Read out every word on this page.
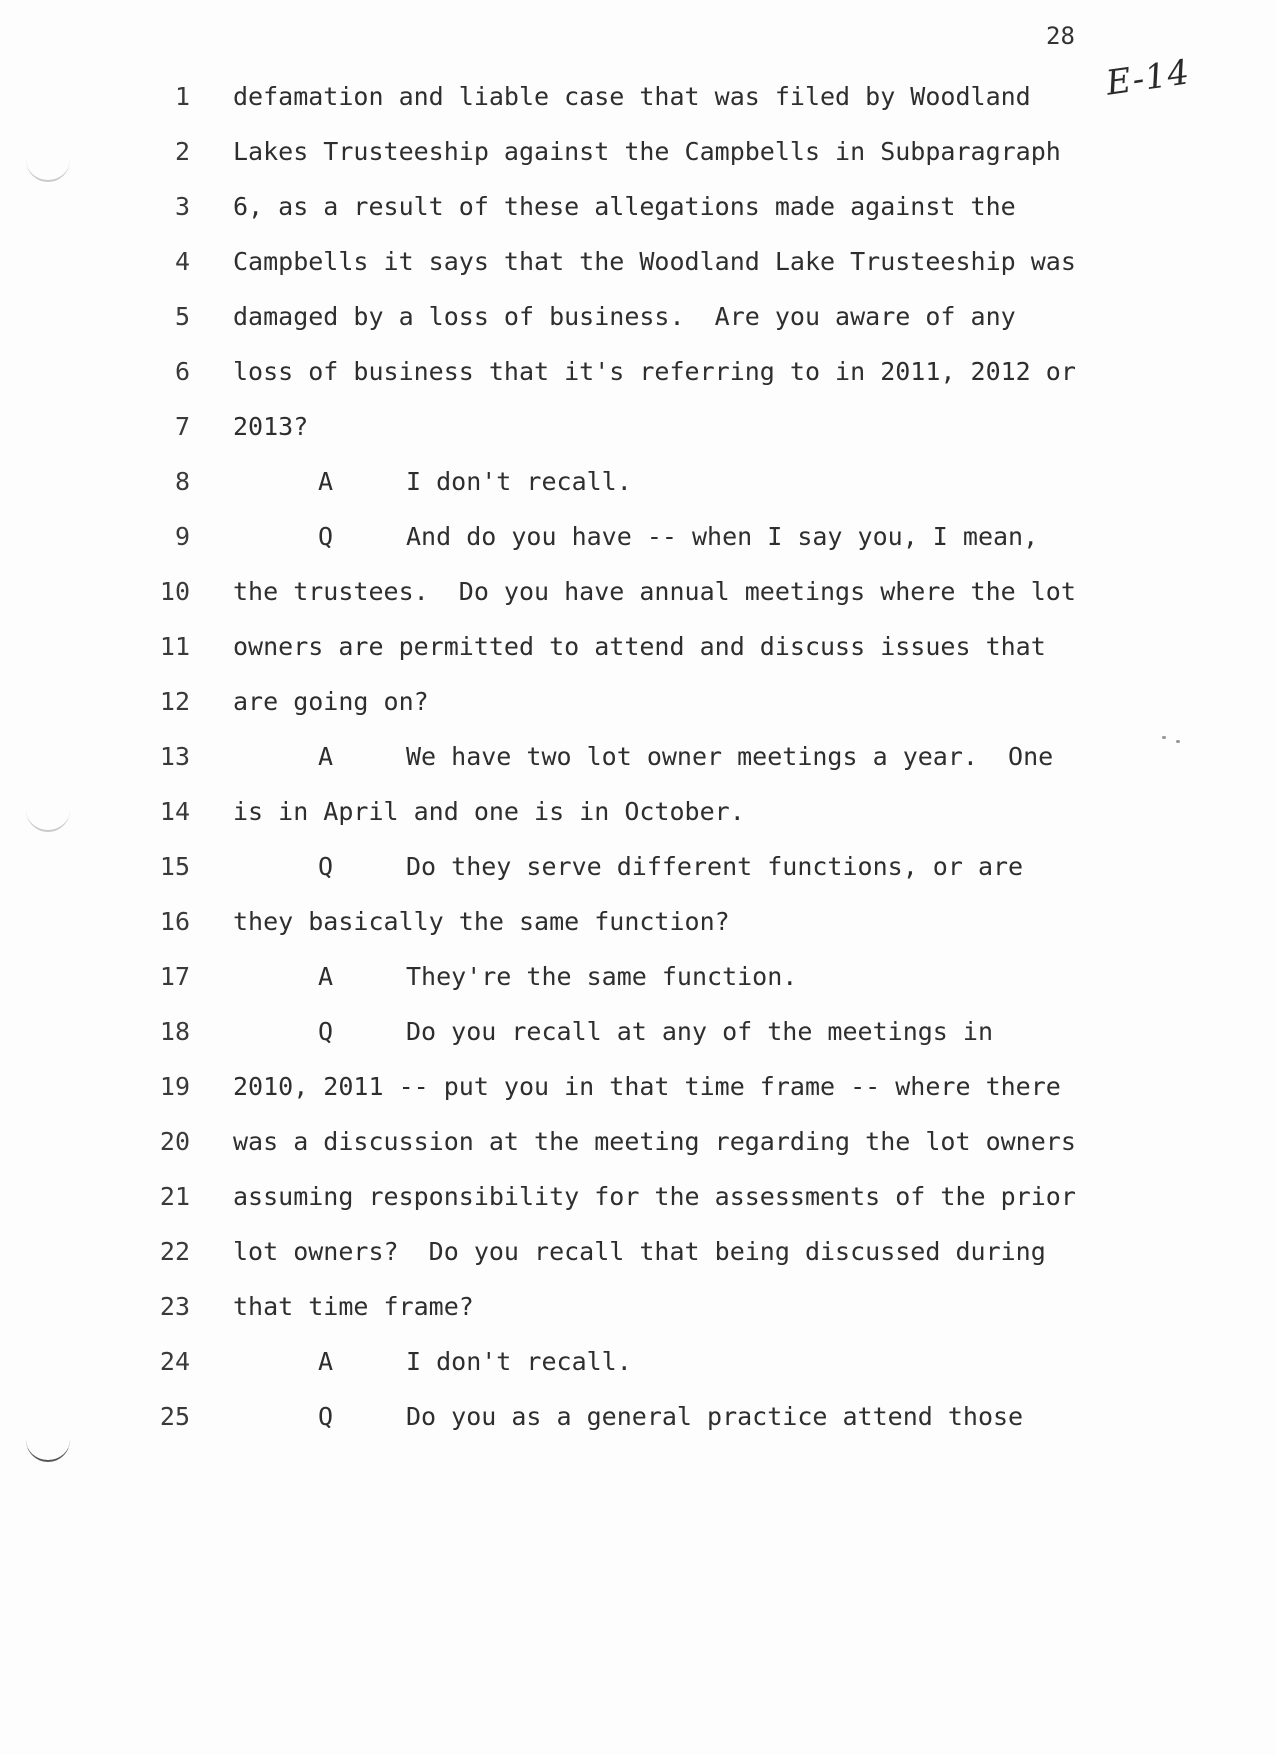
28
E-14
1 defamation and liable case that was filed by Woodland
2 Lakes Trusteeship against the Campbells in Subparagraph
3 6, as a result of these allegations made against the
4 Campbells it says that the Woodland Lake Trusteeship was
5 damaged by a loss of business.  Are you aware of any
6 loss of business that it's referring to in 2011, 2012 or
7 2013?
8	A	I don't recall.
9	Q	And do you have -- when I say you, I mean,
10 the trustees.  Do you have annual meetings where the lot
11 owners are permitted to attend and discuss issues that
12 are going on?
13	A	We have two lot owner meetings a year.  One
14 is in April and one is in October.
15	Q	Do they serve different functions, or are
16 they basically the same function?
17	A	They're the same function.
18	Q	Do you recall at any of the meetings in
19 2010, 2011 -- put you in that time frame -- where there
20 was a discussion at the meeting regarding the lot owners
21 assuming responsibility for the assessments of the prior
22 lot owners?  Do you recall that being discussed during
23 that time frame?
24	A	I don't recall.
25	Q	Do you as a general practice attend those
